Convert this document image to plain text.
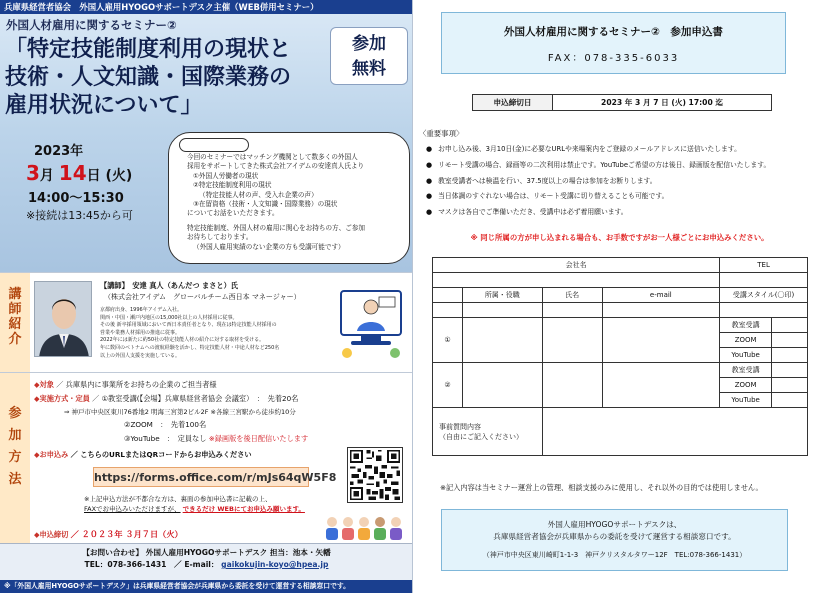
兵庫県経営者協会　外国人雇用HYOGOサポートデスク主催（WEB併用セミナー）
外国人材雇用に関するセミナー②
「特定技能制度利用の現状と
技術・人文知識・国際業務の
雇用状況について」
参加
無料
2023年
3月 14日 (火)
14:00～15:30
※接続は13:45から可

今回のセミナーではマッチング機関として数多くの外国人

採用をサポートしてきた株式会社アイデムの安達真人氏より

①外国人労働者の現状

②特定技能制度利用の現状

（特定技能人材の声、受入れ企業の声）

③在留資格（技術・人文知識・国際業務）の現状

についてお話をいただきます。

特定技能制度、外国人材の雇用に関心をお持ちの方、ご参加

お待ちしております。

（外国人雇用実績のない企業の方も受講可能です）

講師紹介
【講師】　安達 真人（あんだつ まさと）氏
（株式会社アイデム　グローバルチーム西日本 マネージャー）
京都府出身、1996年アイデム入社。
関西・中国・瀬戸内地区の15,000社以上の人材採用に従事。
その後 新卒採用領域において西日本責任者となり、現在は特定技能人材採用の
営業や業務人材採用の推進に従事。
2022年には新たに約50社の特定技能人材の紹介に対する取材を受ける。
年に数回のベトナムへの渡航経験を活かし、特定技能人材・中途人材など250名
以上の外国人支援を実施している。
参加方法
◆対象 ／ 兵庫県内に事業所をお持ちの企業のご担当者様
◆実施方式・定員 ／ ①教室受講(【会場】兵庫県経営者協会 会議室）　：　先着20名
⇒ 神戸市中央区東川76番地2 明海三宮第2ビル2F ※各線三宮駅から徒歩約10分
②ZOOM　：　先着100名
③YouTube　：　定員なし ※録画版を後日配信いたします
◆お申込み ／ こちらのURLまたはQRコードからお申込みください
https://forms.office.com/r/mJs64qW5F8
※上記申込方法が不都合な方は、裏面の参加申込書に記載の上、
FAXでお申込みいただけますが、 できるだけ WEBにてお申込み願います。
◆申込締切 ／ ２０２３年 ３月７日（火）
【お問い合わせ】 外国人雇用HYOGOサポートデスク 担当：池本・矢幡
TEL：078-366-1431　／ E-mail： gaikokujin-koyo@hpea.jp
※「外国人雇用HYOGOサポートデスク」は兵庫県経営者協会が兵庫県から委託を受けて運営する相談窓口です。
外国人材雇用に関するセミナー②　参加申込書
FAX：078-335-6033
申込締切日	2023 年 3 月 7 日 (火) 17:00 迄
〈重要事項〉
● お申し込み後、3月10日(金)に必要なURLや来場案内をご登録のメールアドレスに送信いたします。
● リモート受講の場合、録画等の二次利用は禁止です。YouTubeご希望の方は後日、録画版を配信いたします。
● 教室受講者へは検温を行い、37.5度以上の場合は参加をお断りします。
● 当日体調のすぐれない場合は、リモート受講に切り替えることも可能です。
● マスクは各自でご準備いただき、受講中は必ず着用願います。
※ 同じ所属の方が申し込まれる場合も、お手数ですがお一人様ごとにお申込みください。
会社名				TEL	

	所属・役職	氏名	e-mail	受講スタイル(〇印)	

①				教室受講	
				ZOOM	
				YouTube	
②				教室受講	
				ZOOM	
				YouTube	

事前質問内容
（自由にご記入ください）					

※記入内容は当セミナー運営上の管理、相談支援のみに使用し、それ以外の目的では使用しません。
外国人雇用HYOGOサポートデスクは、
兵庫県経営者協会が兵庫県からの委託を受けて運営する相談窓口です。
（神戸市中央区東川崎町1-1-3　神戸クリスタルタワー12F　TEL:078-366-1431）
